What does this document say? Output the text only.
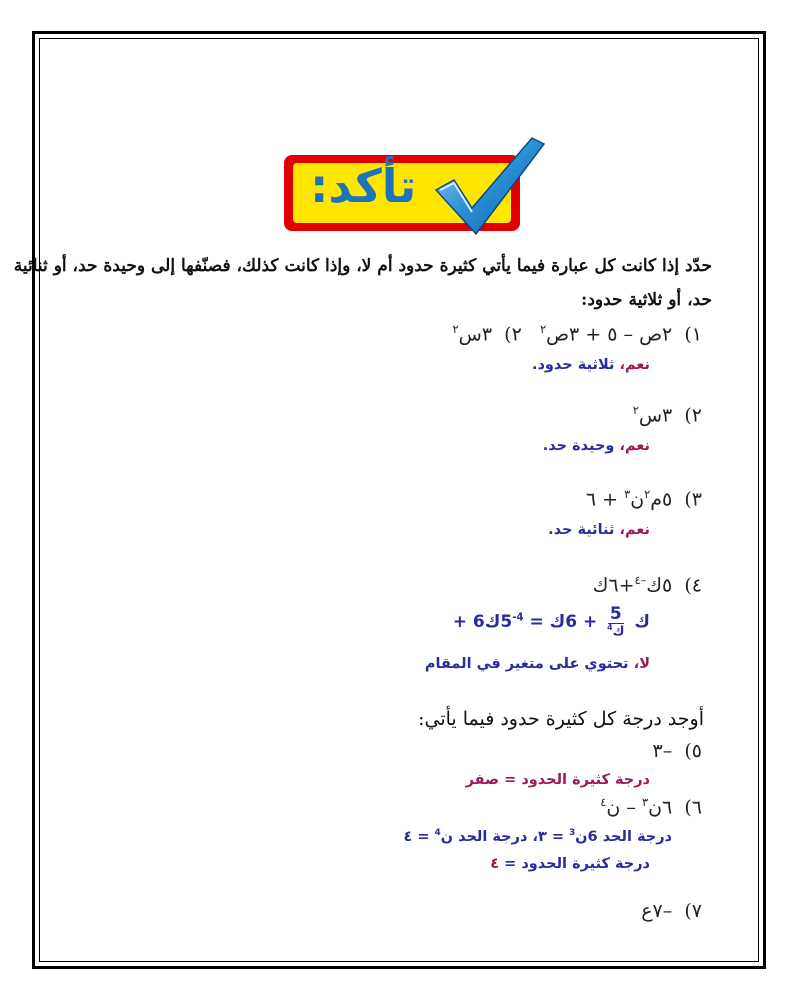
تأكد:
حدّد إذا كانت كل عبارة فيما يأتي كثيرة حدود أم لا، وإذا كانت كذلك، فصنّفها إلى وحيدة حد، أو ثنائية
حد، أو ثلاثية حدود:
١)  ٢ص – ٥ + ٣ص$^٢$   ٢)  ٣س$^٢$
نعم، ثلاثية حدود.
٢)  ٣س$^٢$
نعم، وحيدة حد.
٣)  ٥م$^٢$ن$^٣$ + ٦
نعم، ثنائية حد.
٤)  ٥ك$^{-٤}$+٦ك
+ 6ك
$\frac{5}{^4ك}$
+ 6ك = $^{4-}$5ك
لا، تحتوي على متغير في المقام
أوجد درجة كل كثيرة حدود فيما يأتي:
٥)  –٣
درجة كثيرة الحدود = صفر
٦)  ٦ن$^٣$ – ن$^٤$
درجة الحد 6ن$^3$ = ٣، درجة الحد ن$^4$ = ٤
درجة كثيرة الحدود = ٤
٧)  –٧ع
